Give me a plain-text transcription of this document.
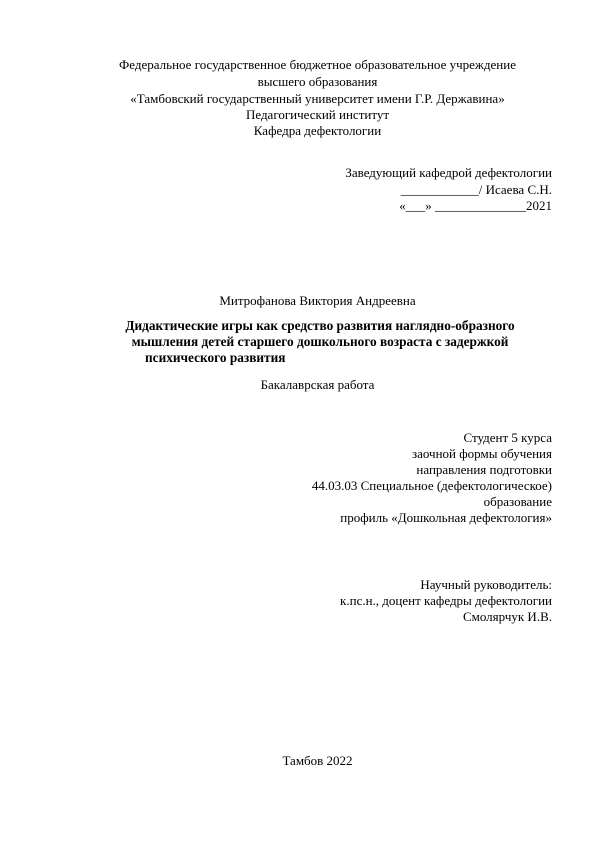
Федеральное государственное бюджетное образовательное учреждение
высшего образования
«Тамбовский государственный университет имени Г.Р. Державина»
Педагогический институт
Кафедра дефектологии
Заведующий кафедрой дефектологии
____________/ Исаева С.Н.
«___» ______________2021
Митрофанова Виктория Андреевна
Дидактические игры как средство развития наглядно-образного
мышления детей старшего дошкольного возраста с задержкой
психического развития
Бакалаврская работа
Студент 5 курса
заочной формы обучения
направления подготовки
44.03.03 Специальное (дефектологическое)
образование
профиль «Дошкольная дефектология»
Научный руководитель:
к.пс.н., доцент кафедры дефектологии
Смолярчук И.В.
Тамбов 2022
